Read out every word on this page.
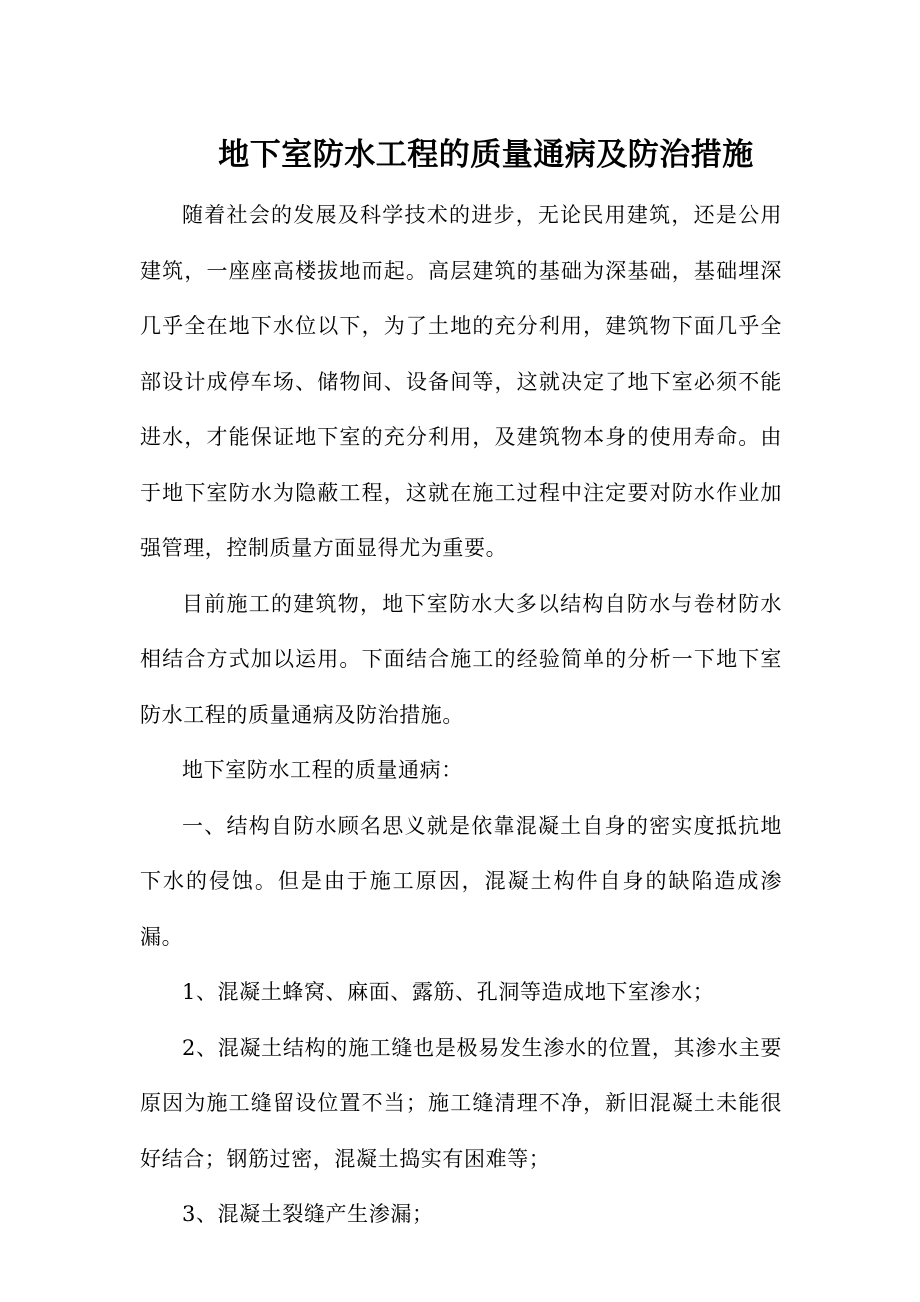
地下室防水工程的质量通病及防治措施

随着社会的发展及科学技术的进步，无论民用建筑，还是公用建筑，一座座高楼拔地而起。高层建筑的基础为深基础，基础埋深几乎全在地下水位以下，为了土地的充分利用，建筑物下面几乎全部设计成停车场、储物间、设备间等，这就决定了地下室必须不能进水，才能保证地下室的充分利用，及建筑物本身的使用寿命。由于地下室防水为隐蔽工程，这就在施工过程中注定要对防水作业加强管理，控制质量方面显得尤为重要。

目前施工的建筑物，地下室防水大多以结构自防水与卷材防水相结合方式加以运用。下面结合施工的经验简单的分析一下地下室防水工程的质量通病及防治措施。

地下室防水工程的质量通病：

一、结构自防水顾名思义就是依靠混凝土自身的密实度抵抗地下水的侵蚀。但是由于施工原因，混凝土构件自身的缺陷造成渗漏。

1、混凝土蜂窝、麻面、露筋、孔洞等造成地下室渗水；

2、混凝土结构的施工缝也是极易发生渗水的位置，其渗水主要原因为施工缝留设位置不当；施工缝清理不净，新旧混凝土未能很好结合；钢筋过密，混凝土捣实有困难等；

3、混凝土裂缝产生渗漏；
